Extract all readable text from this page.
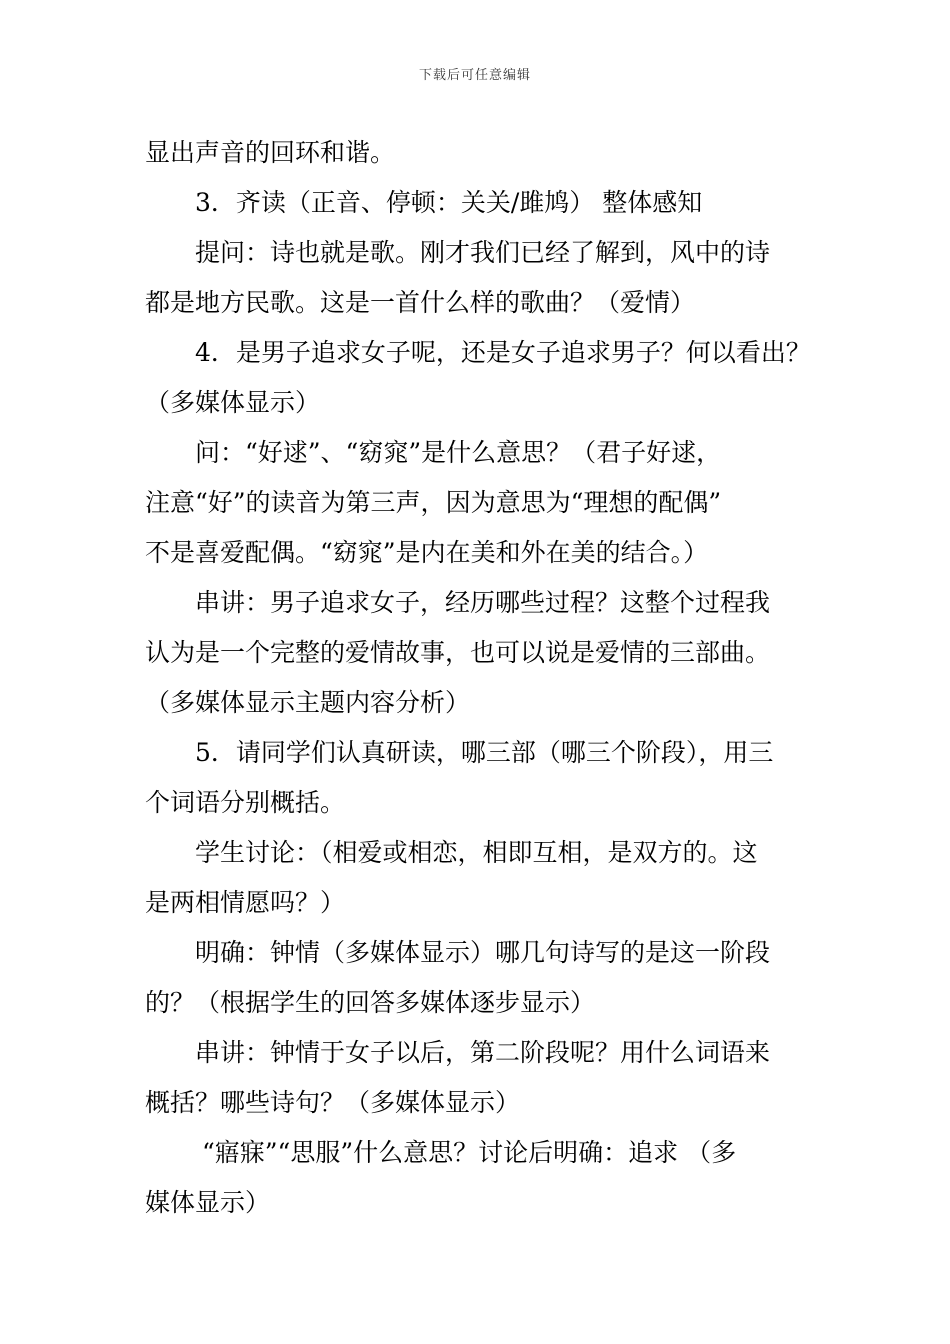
下载后可任意编辑
显出声音的回环和谐。
3．齐读（正音、停顿：关关/雎鸠） 整体感知
提问：诗也就是歌。刚才我们已经了解到，风中的诗
都是地方民歌。这是一首什么样的歌曲？（爱情）
4．是男子追求女子呢，还是女子追求男子？何以看出？
（多媒体显示）
问：“好逑”、“窈窕”是什么意思？（君子好逑，
注意“好”的读音为第三声，因为意思为“理想的配偶”
不是喜爱配偶。“窈窕”是内在美和外在美的结合。）
串讲：男子追求女子，经历哪些过程？这整个过程我
认为是一个完整的爱情故事，也可以说是爱情的三部曲。
（多媒体显示主题内容分析）
5．请同学们认真研读，哪三部（哪三个阶段），用三
个词语分别概括。
学生讨论：（相爱或相恋，相即互相，是双方的。这
是两相情愿吗？）
明确：钟情（多媒体显示）哪几句诗写的是这一阶段
的？（根据学生的回答多媒体逐步显示）
串讲：钟情于女子以后，第二阶段呢？用什么词语来
概括？哪些诗句？（多媒体显示）
“寤寐”“思服”什么意思？讨论后明确：追求 （多
媒体显示）
